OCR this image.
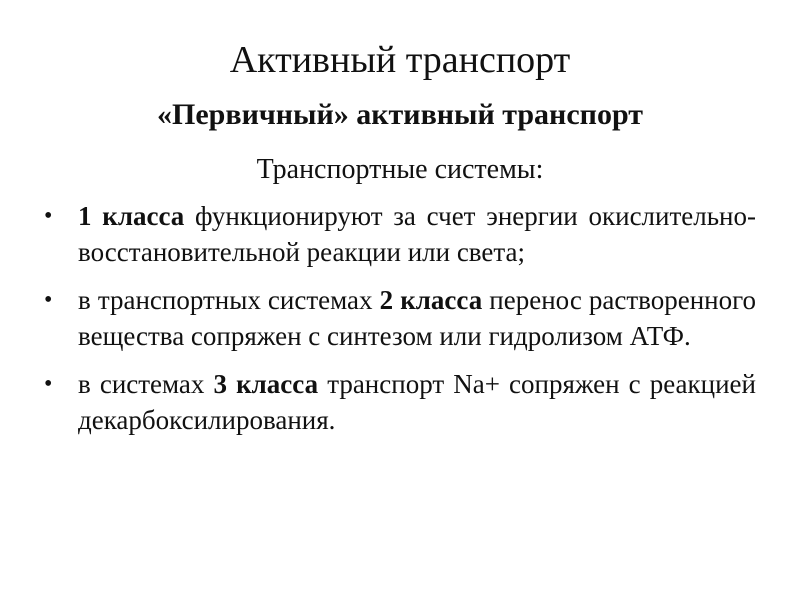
Активный транспорт
«Первичный» активный транспорт
Транспортные системы:
• 1 класса функционируют за счет энергии окислительно-восстановительной реакции или света;
• в транспортных системах 2 класса перенос растворенного вещества сопряжен с синтезом или гидролизом АТФ.
• в системах 3 класса транспорт Na+ сопряжен с реакцией декарбоксилирования.
